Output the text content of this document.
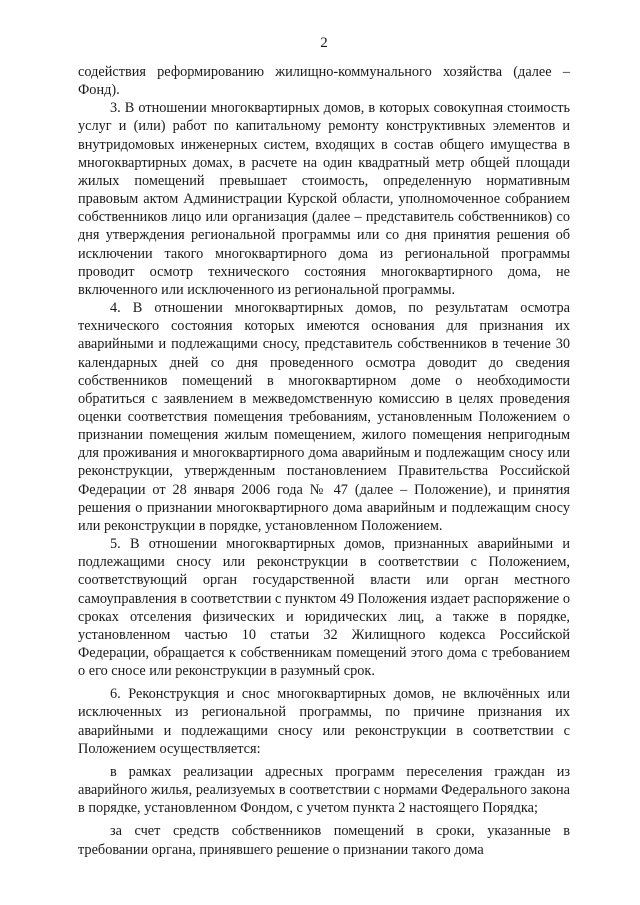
2

содействия реформированию жилищно-коммунального хозяйства (далее – Фонд).

3. В отношении многоквартирных домов, в которых совокупная стоимость услуг и (или) работ по капитальному ремонту конструктивных элементов и внутридомовых инженерных систем, входящих в состав общего имущества в многоквартирных домах, в расчете на один квадратный метр общей площади жилых помещений превышает стоимость, определенную нормативным правовым актом Администрации Курской области, уполномоченное собранием собственников лицо или организация (далее – представитель собственников) со дня утверждения региональной программы или со дня принятия решения об исключении такого многоквартирного дома из региональной программы проводит осмотр технического состояния многоквартирного дома, не включенного или исключенного из региональной программы.

4. В отношении многоквартирных домов, по результатам осмотра технического состояния которых имеются основания для признания их аварийными и подлежащими сносу, представитель собственников в течение 30 календарных дней со дня проведенного осмотра доводит до сведения собственников помещений в многоквартирном доме о необходимости обратиться с заявлением в межведомственную комиссию в целях проведения оценки соответствия помещения требованиям, установленным Положением о признании помещения жилым помещением, жилого помещения непригодным для проживания и многоквартирного дома аварийным и подлежащим сносу или реконструкции, утвержденным постановлением Правительства Российской Федерации от 28 января 2006 года № 47 (далее – Положение), и принятия решения о признании многоквартирного дома аварийным и подлежащим сносу или реконструкции в порядке, установленном Положением.

5. В отношении многоквартирных домов, признанных аварийными и подлежащими сносу или реконструкции в соответствии с Положением, соответствующий орган государственной власти или орган местного самоуправления в соответствии с пунктом 49 Положения издает распоряжение о сроках отселения физических и юридических лиц, а также в порядке, установленном частью 10 статьи 32 Жилищного кодекса Российской Федерации, обращается к собственникам помещений этого дома с требованием о его сносе или реконструкции в разумный срок.

6. Реконструкция и снос многоквартирных домов, не включённых или исключенных из региональной программы, по причине признания их аварийными и подлежащими сносу или реконструкции в соответствии с Положением осуществляется:

в рамках реализации адресных программ переселения граждан из аварийного жилья, реализуемых в соответствии с нормами Федерального закона в порядке, установленном Фондом, с учетом пункта 2 настоящего Порядка;

за счет средств собственников помещений в сроки, указанные в требовании органа, принявшего решение о признании такого дома
